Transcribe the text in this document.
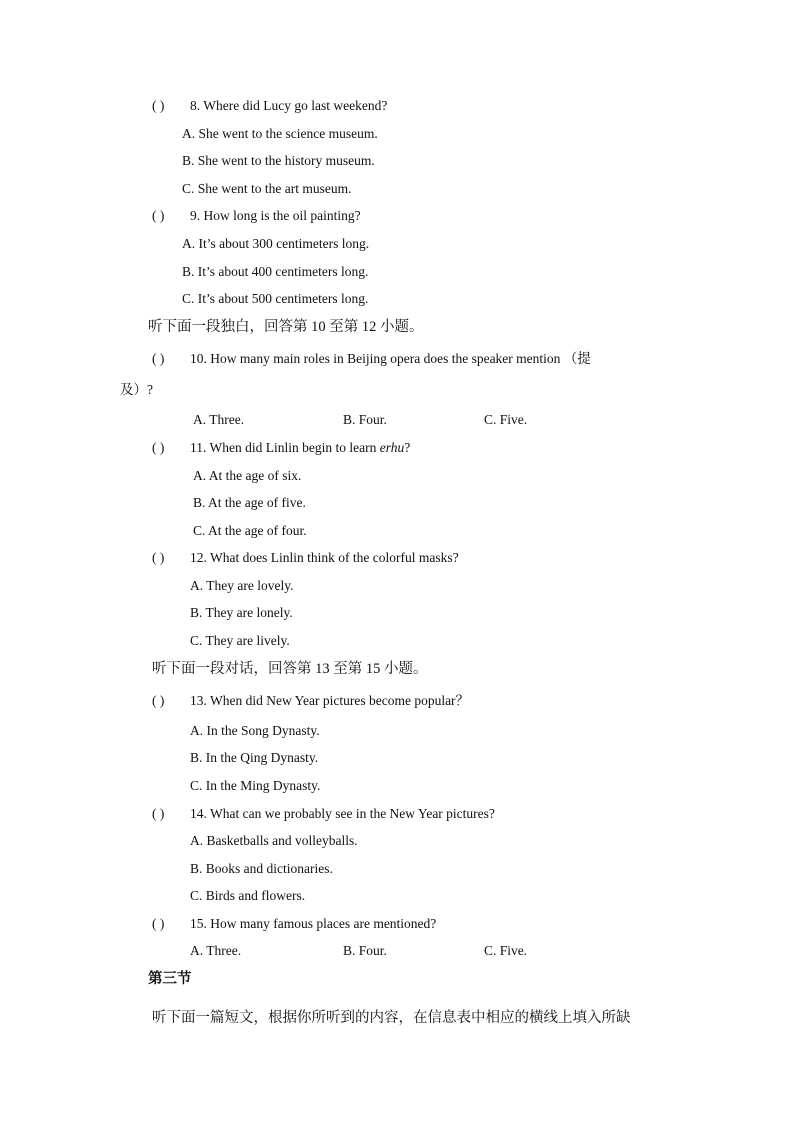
( ) 8. Where did Lucy go last weekend?
A. She went to the science museum.
B. She went to the history museum.
C. She went to the art museum.
( ) 9. How long is the oil painting?
A. It’s about 300 centimeters long.
B. It’s about 400 centimeters long.
C. It’s about 500 centimeters long.
听下面一段独白，回答第 10 至第 12 小题。
( ) 10. How many main roles in Beijing opera does the speaker mention （提
及）?
A. Three.	B. Four.	C. Five.
( ) 11. When did Linlin begin to learn erhu?
A. At the age of six.
B. At the age of five.
C. At the age of four.
( ) 12. What does Linlin think of the colorful masks?
A. They are lovely.
B. They are lonely.
C. They are lively.
听下面一段对话，回答第 13 至第 15 小题。
( ) 13. When did New Year pictures become popular？
A. In the Song Dynasty.
B. In the Qing Dynasty.
C. In the Ming Dynasty.
( ) 14. What can we probably see in the New Year pictures?
A. Basketballs and volleyballs.
B. Books and dictionaries.
C. Birds and flowers.
( ) 15. How many famous places are mentioned?
A. Three.	B. Four.	C. Five.
第三节
听下面一篇短文，根据你所听到的内容，在信息表中相应的横线上填入所缺
